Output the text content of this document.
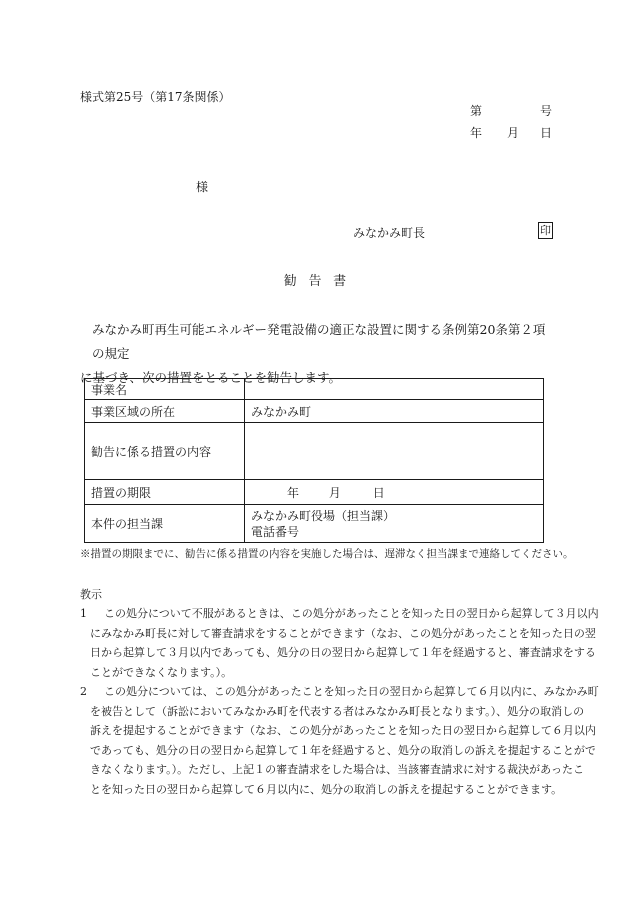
様式第25号（第17条関係）
第	号
年 月 日
様
みなかみ町長	印
勧告書

みなかみ町再生可能エネルギー発電設備の適正な設置に関する条例第20条第２項の規定

に基づき、次の措置をとることを勧告します。

事業名	
事業区域の所在	みなかみ町
勧告に係る措置の内容	
措置の期限	年 月 日
本件の担当課	みなかみ町役場（担当課）
電話番号
※措置の期限までに、勧告に係る措置の内容を実施した場合は、遅滞なく担当課まで連絡してください。
教示
1	この処分について不服があるときは、この処分があったことを知った日の翌日から起算して３月以内
にみなかみ町長に対して審査請求をすることができます（なお、この処分があったことを知った日の翌
日から起算して３月以内であっても、処分の日の翌日から起算して１年を経過すると、審査請求をする
ことができなくなります。）。
2	この処分については、この処分があったことを知った日の翌日から起算して６月以内に、みなかみ町
を被告として（訴訟においてみなかみ町を代表する者はみなかみ町長となります。）、処分の取消しの
訴えを提起することができます（なお、この処分があったことを知った日の翌日から起算して６月以内
であっても、処分の日の翌日から起算して１年を経過すると、処分の取消しの訴えを提起することがで
きなくなります。）。ただし、上記１の審査請求をした場合は、当該審査請求に対する裁決があったこ
とを知った日の翌日から起算して６月以内に、処分の取消しの訴えを提起することができます。
